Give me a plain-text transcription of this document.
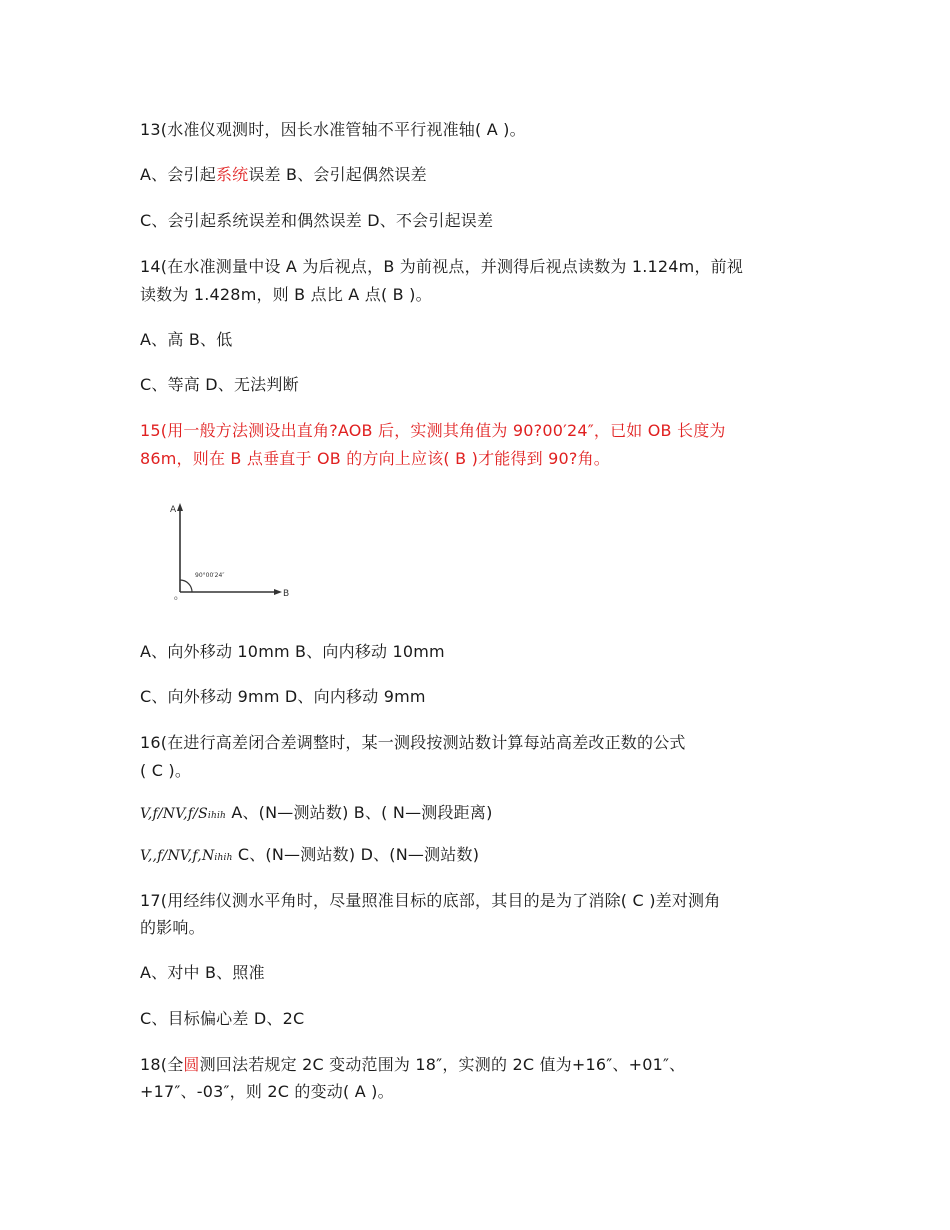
13(水准仪观测时，因长水准管轴不平行视准轴( A )。
A、会引起系统误差 B、会引起偶然误差
C、会引起系统误差和偶然误差 D、不会引起误差
14(在水准测量中设 A 为后视点，B 为前视点，并测得后视点读数为 1.124m，前视
读数为 1.428m，则 B 点比 A 点( B )。
A、高 B、低
C、等高 D、无法判断
15(用一般方法测设出直角?AOB 后，实测其角值为 90?00′24″，已如 OB 长度为
86m，则在 B 点垂直于 OB 的方向上应该( B )才能得到 90?角。
A
B
o
90°00′24″
A、向外移动 10mm B、向内移动 10mm
C、向外移动 9mm D、向内移动 9mm
16(在进行高差闭合差调整时，某一测段按测站数计算每站高差改正数的公式
( C )。
V,f/NV,f/Sihih A、(N—测站数) B、( N—测段距离)
V,,f/NV,f,Nihih C、(N—测站数) D、(N—测站数)
17(用经纬仪测水平角时，尽量照准目标的底部，其目的是为了消除( C )差对测角
的影响。
A、对中 B、照准
C、目标偏心差 D、2C
18(全圆测回法若规定 2C 变动范围为 18″，实测的 2C 值为+16″、+01″、
+17″、-03″，则 2C 的变动( A )。
